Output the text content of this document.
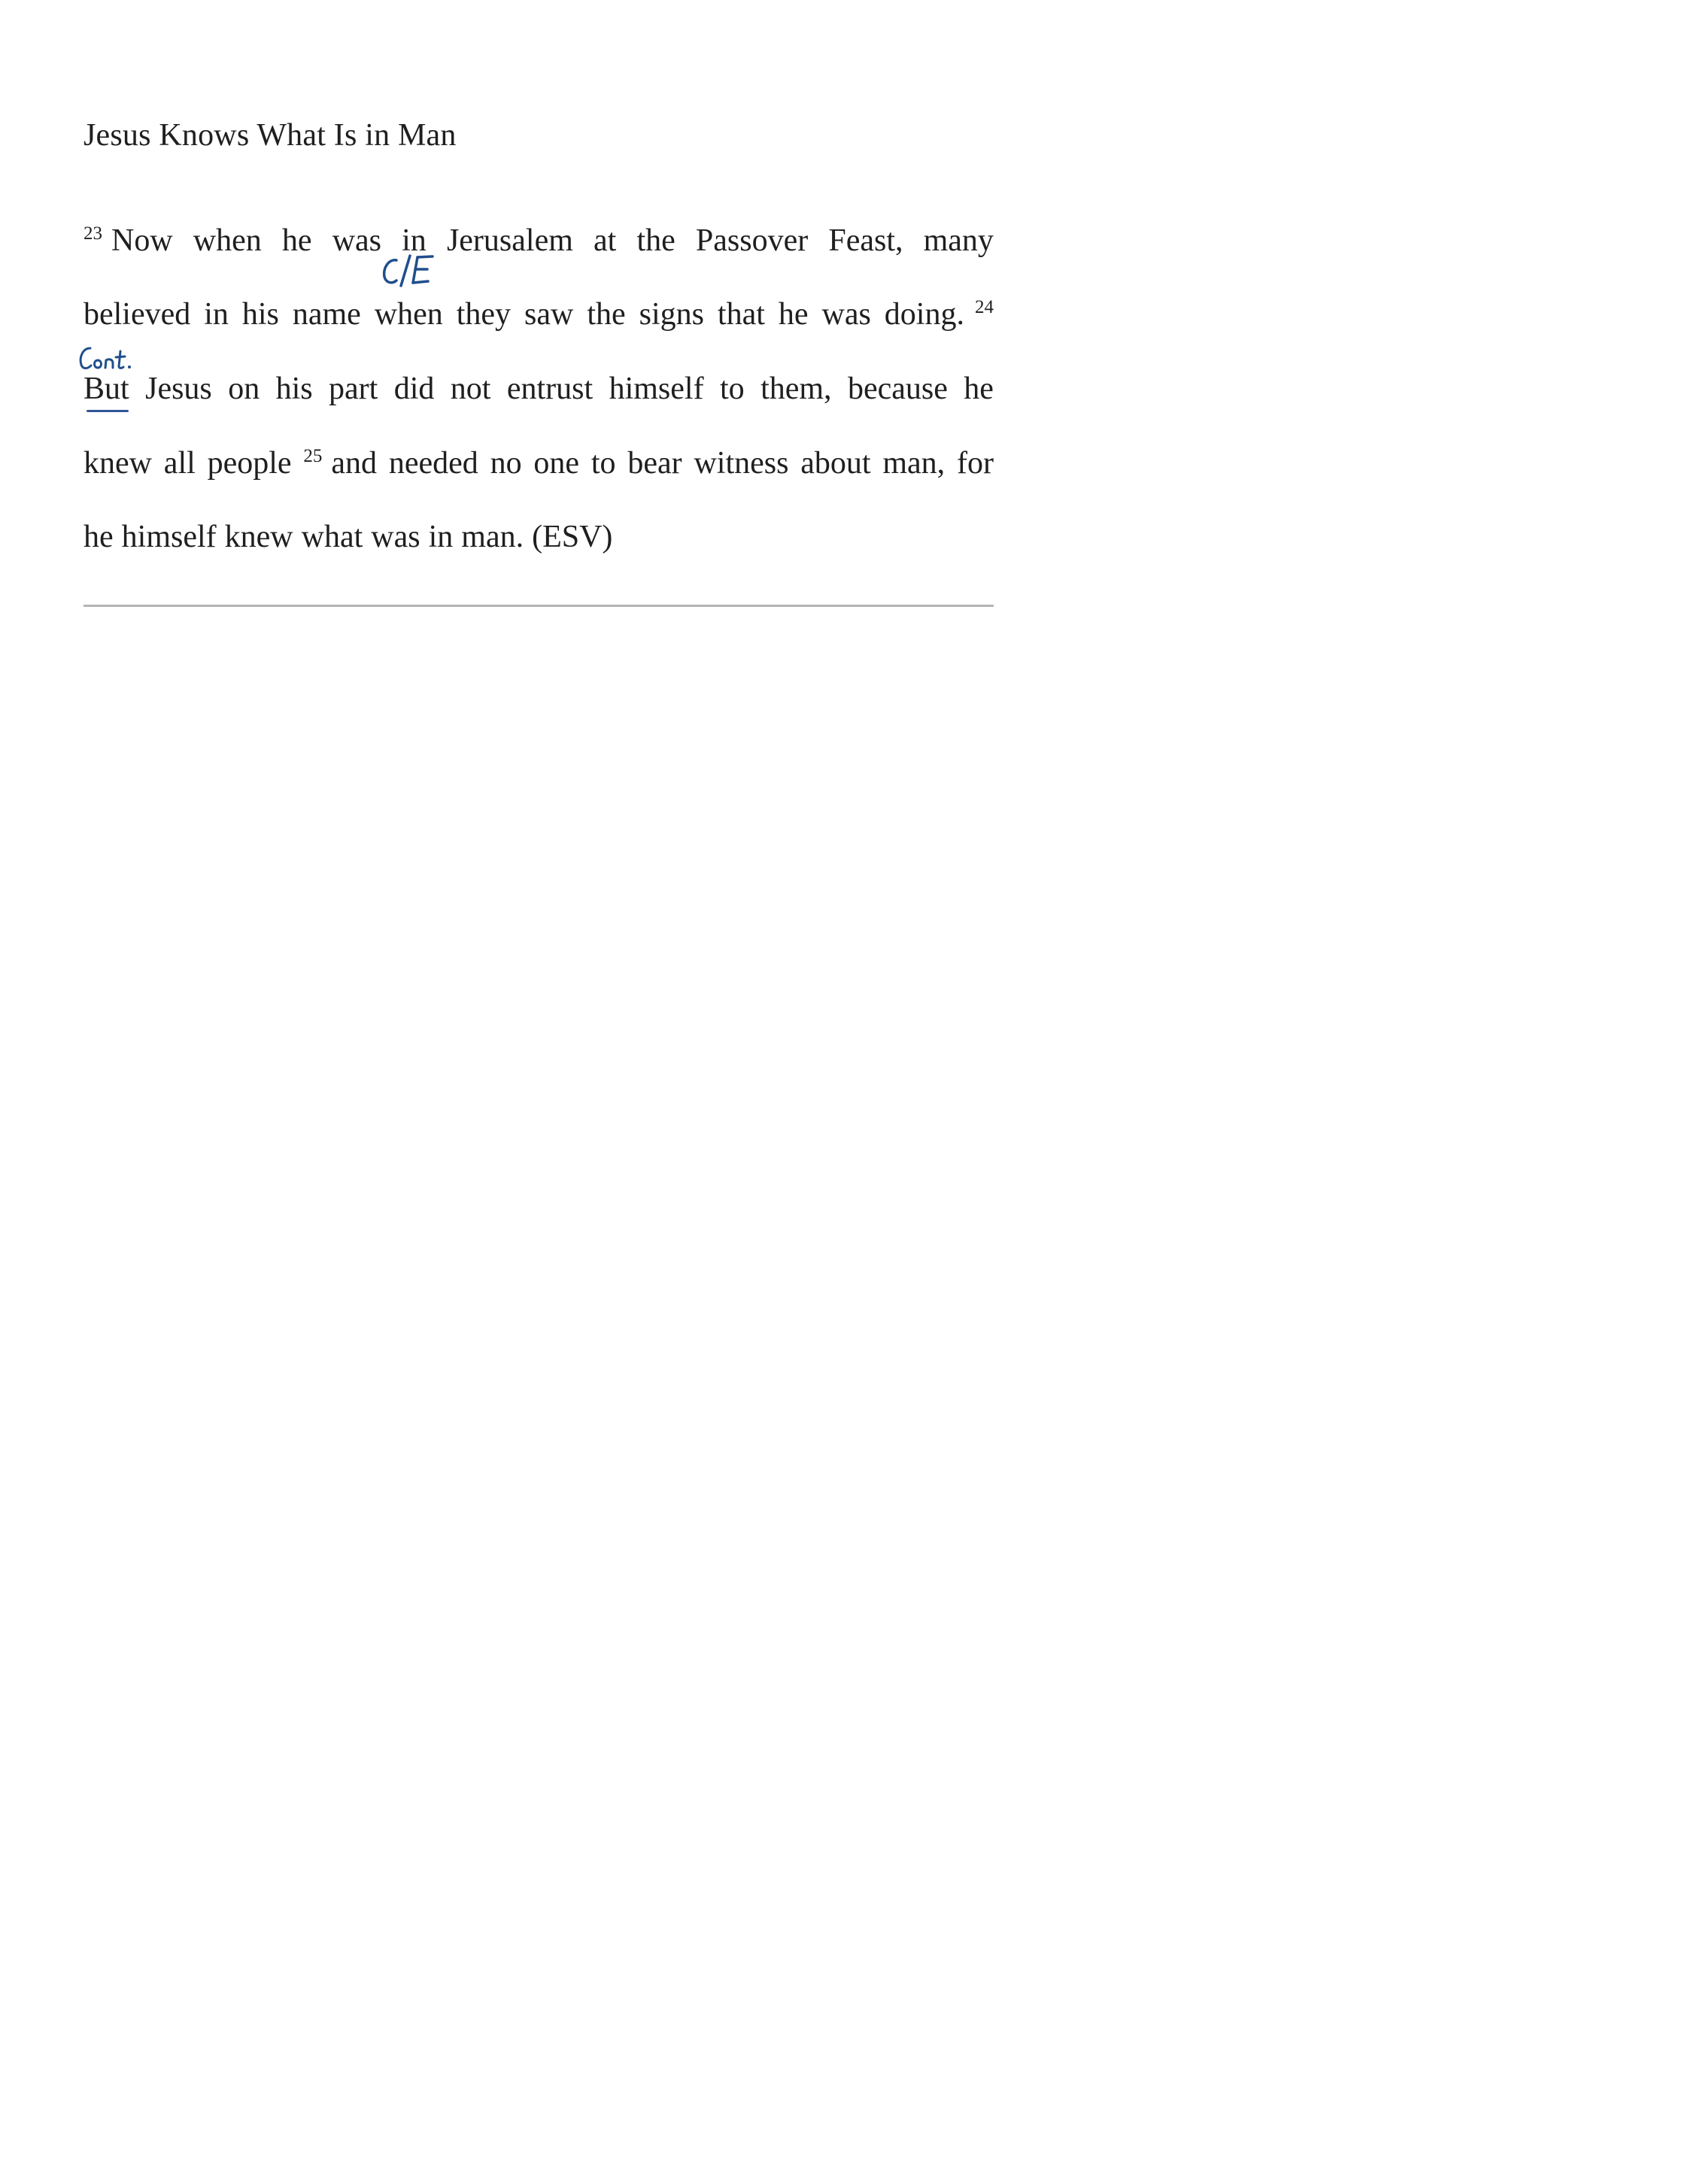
Jesus Knows What Is in Man
23 Now when he was in Jerusalem at the Passover Feast, many
believed in his name when they saw the signs that he was doing. 24
But Jesus on his part did not entrust himself to them, because he
knew all people 25 and needed no one to bear witness about man, for
he himself knew what was in man. (ESV)
